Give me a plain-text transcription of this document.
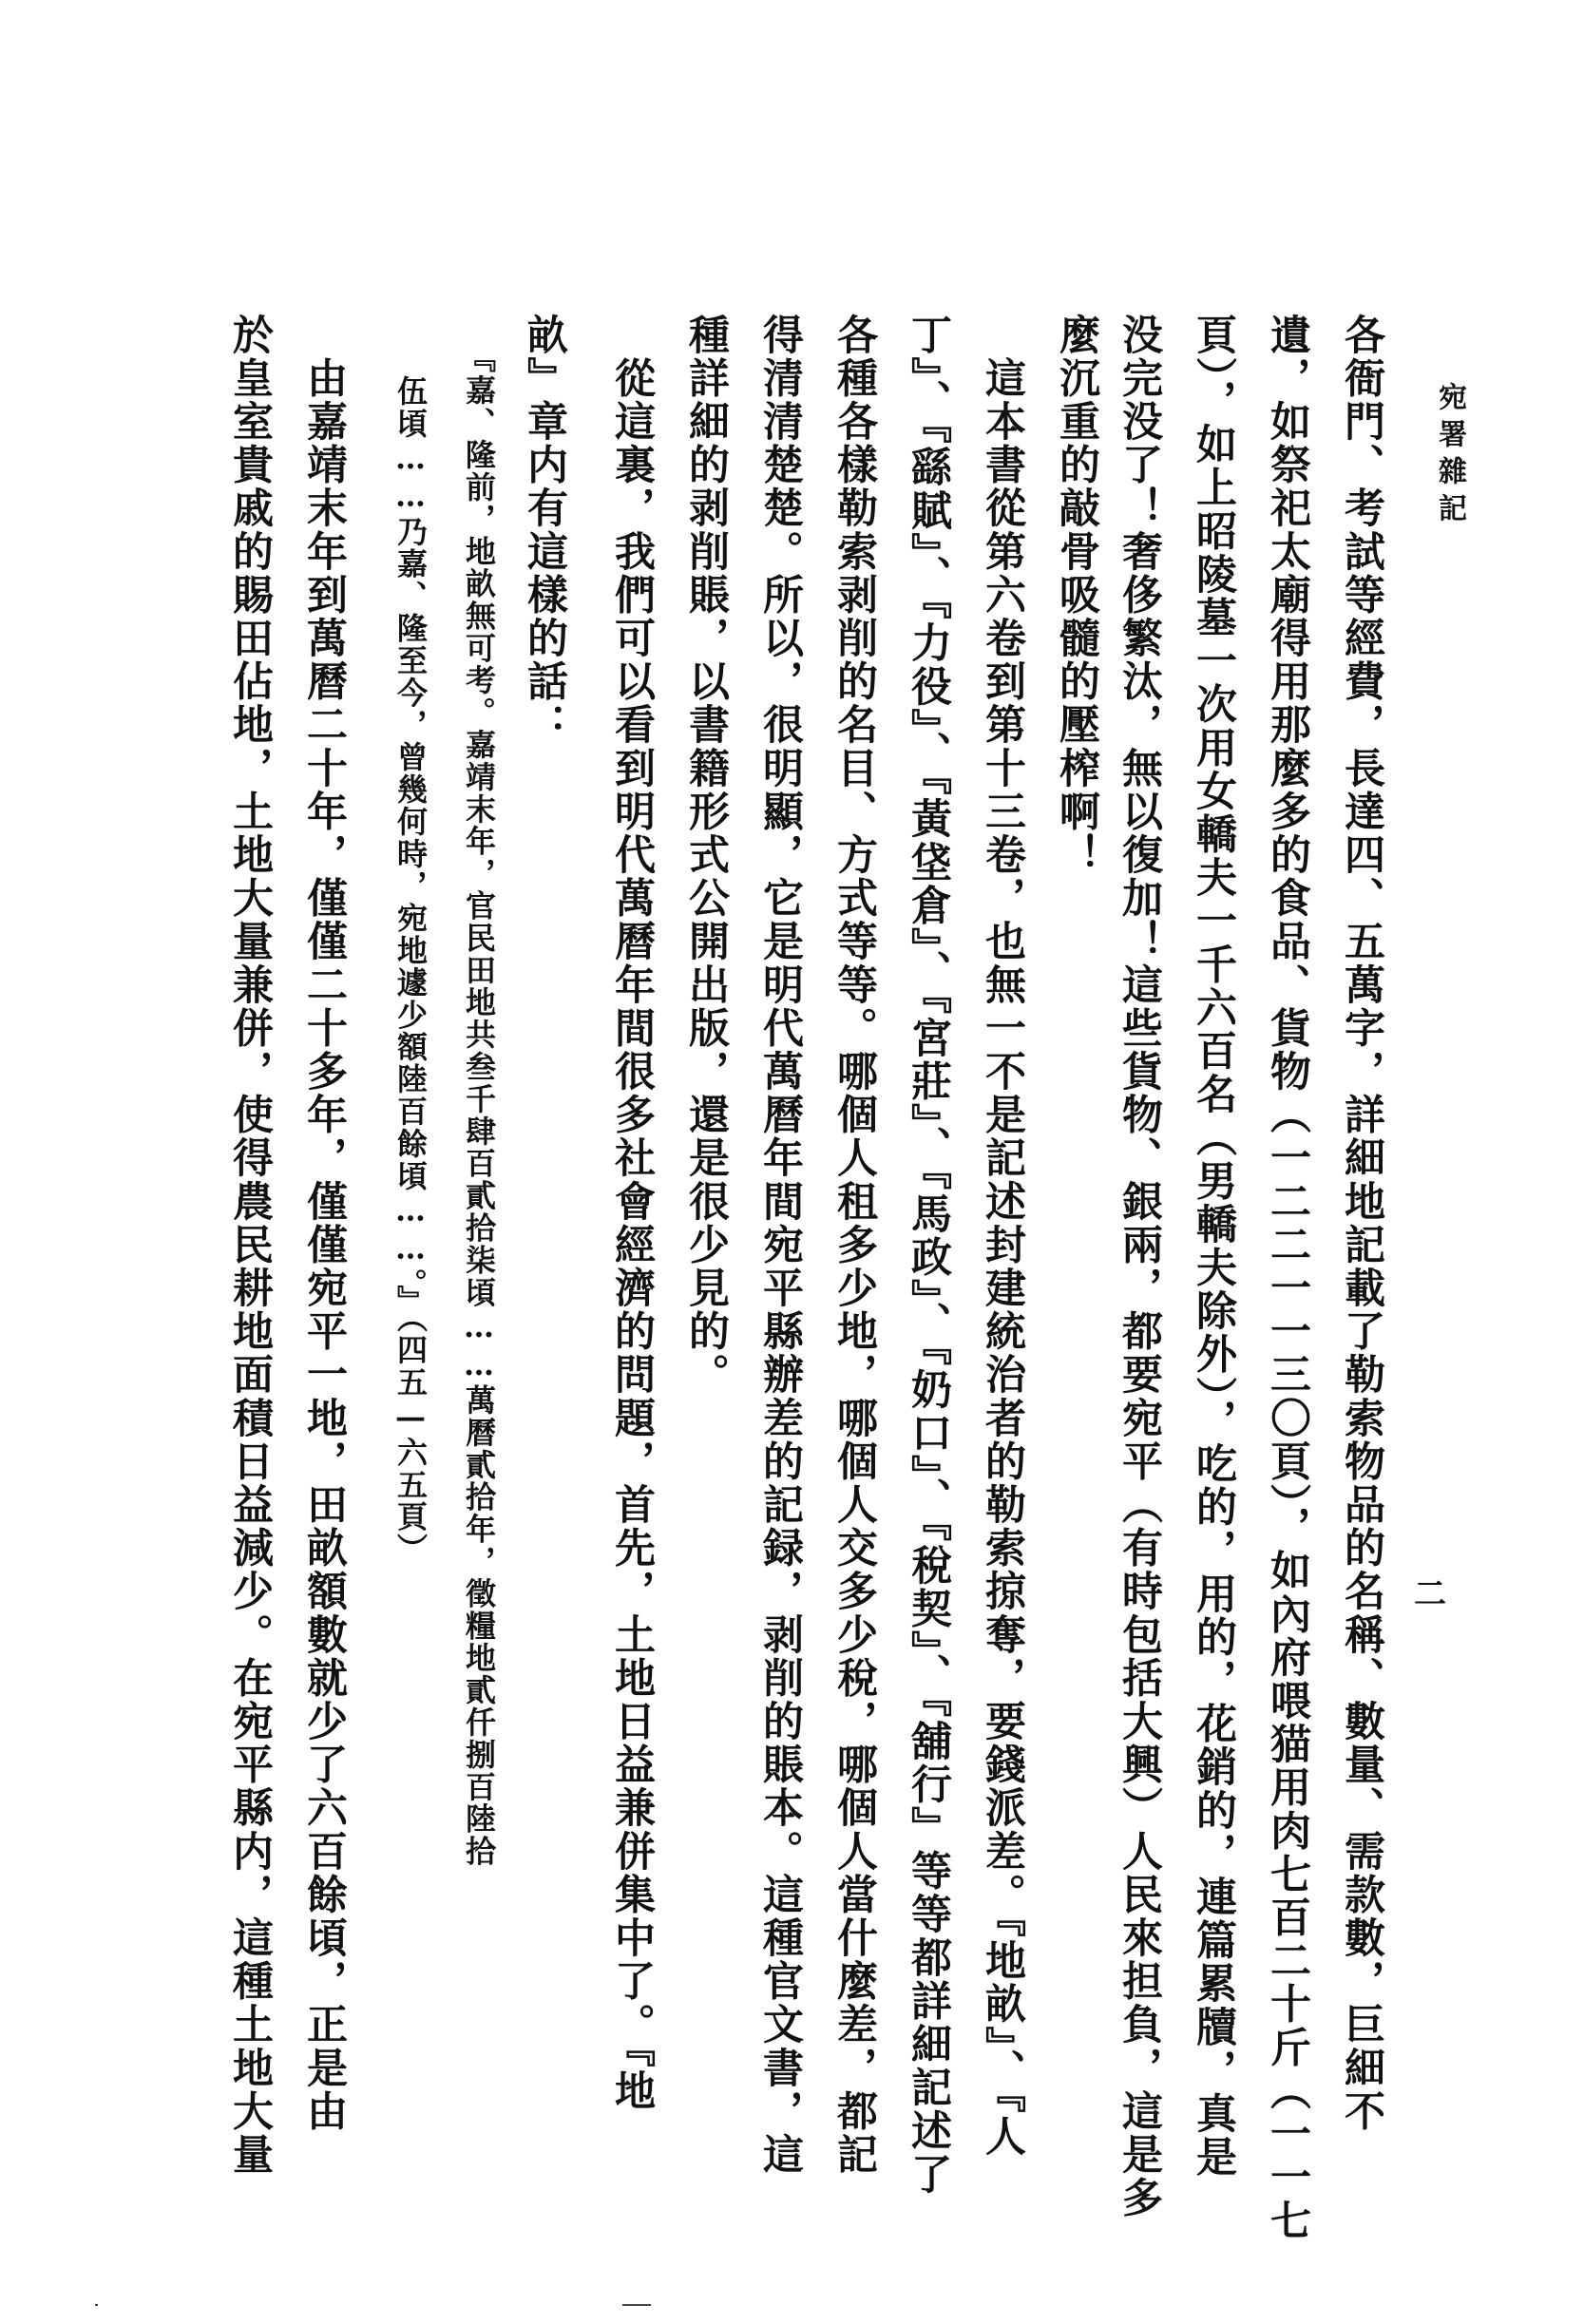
宛署雜記
二
各衙門、考試等經費，長達四、五萬字，詳細地記載了勒索物品的名稱、數量、需款數，巨細不
遺，如祭祀太廟得用那麼多的食品、貨物（一二二一一三〇頁），如內府喂猫用肉七百二十斤（一一七
頁），如上昭陵墓一次用女轎夫一千六百名（男轎夫除外），吃的，用的，花銷的，連篇累牘，真是
没完没了！奢侈繁汰，無以復加！這些貨物、銀兩，都要宛平（有時包括大興）人民來担負，這是多
麼沉重的敲骨吸髓的壓榨啊！
　這本書從第六卷到第十三卷，也無一不是記述封建統治者的勒索掠奪，要錢派差。『地畝』、『人
丁』、『繇賦』、『力役』、『黃垡倉』、『宮莊』、『馬政』、『奶口』、『稅契』、『舖行』等等都詳細記述了
各種各樣勒索剥削的名目、方式等等。哪個人租多少地，哪個人交多少稅，哪個人當什麼差，都記
得清清楚楚。所以，很明顯，它是明代萬曆年間宛平縣辦差的記録，剥削的賬本。這種官文書，這
種詳細的剥削賬，以書籍形式公開出版，還是很少見的。
　從這裏，我們可以看到明代萬曆年間很多社會經濟的問題，首先，土地日益兼併集中了。『地
畝』章内有這樣的話：
『嘉、隆前，地畝無可考。嘉靖末年，官民田地共叁千肆百貳拾柒頃……萬曆貳拾年，徵糧地貳仟捌百陸拾
伍頃……乃嘉、隆至今，曾幾何時，宛地遽少額陸百餘頃……。』（四五—六五頁）
　由嘉靖末年到萬曆二十年，僅僅二十多年，僅僅宛平一地，田畝額數就少了六百餘頃，正是由
於皇室貴戚的賜田佔地，土地大量兼併，使得農民耕地面積日益減少。在宛平縣内，這種土地大量
